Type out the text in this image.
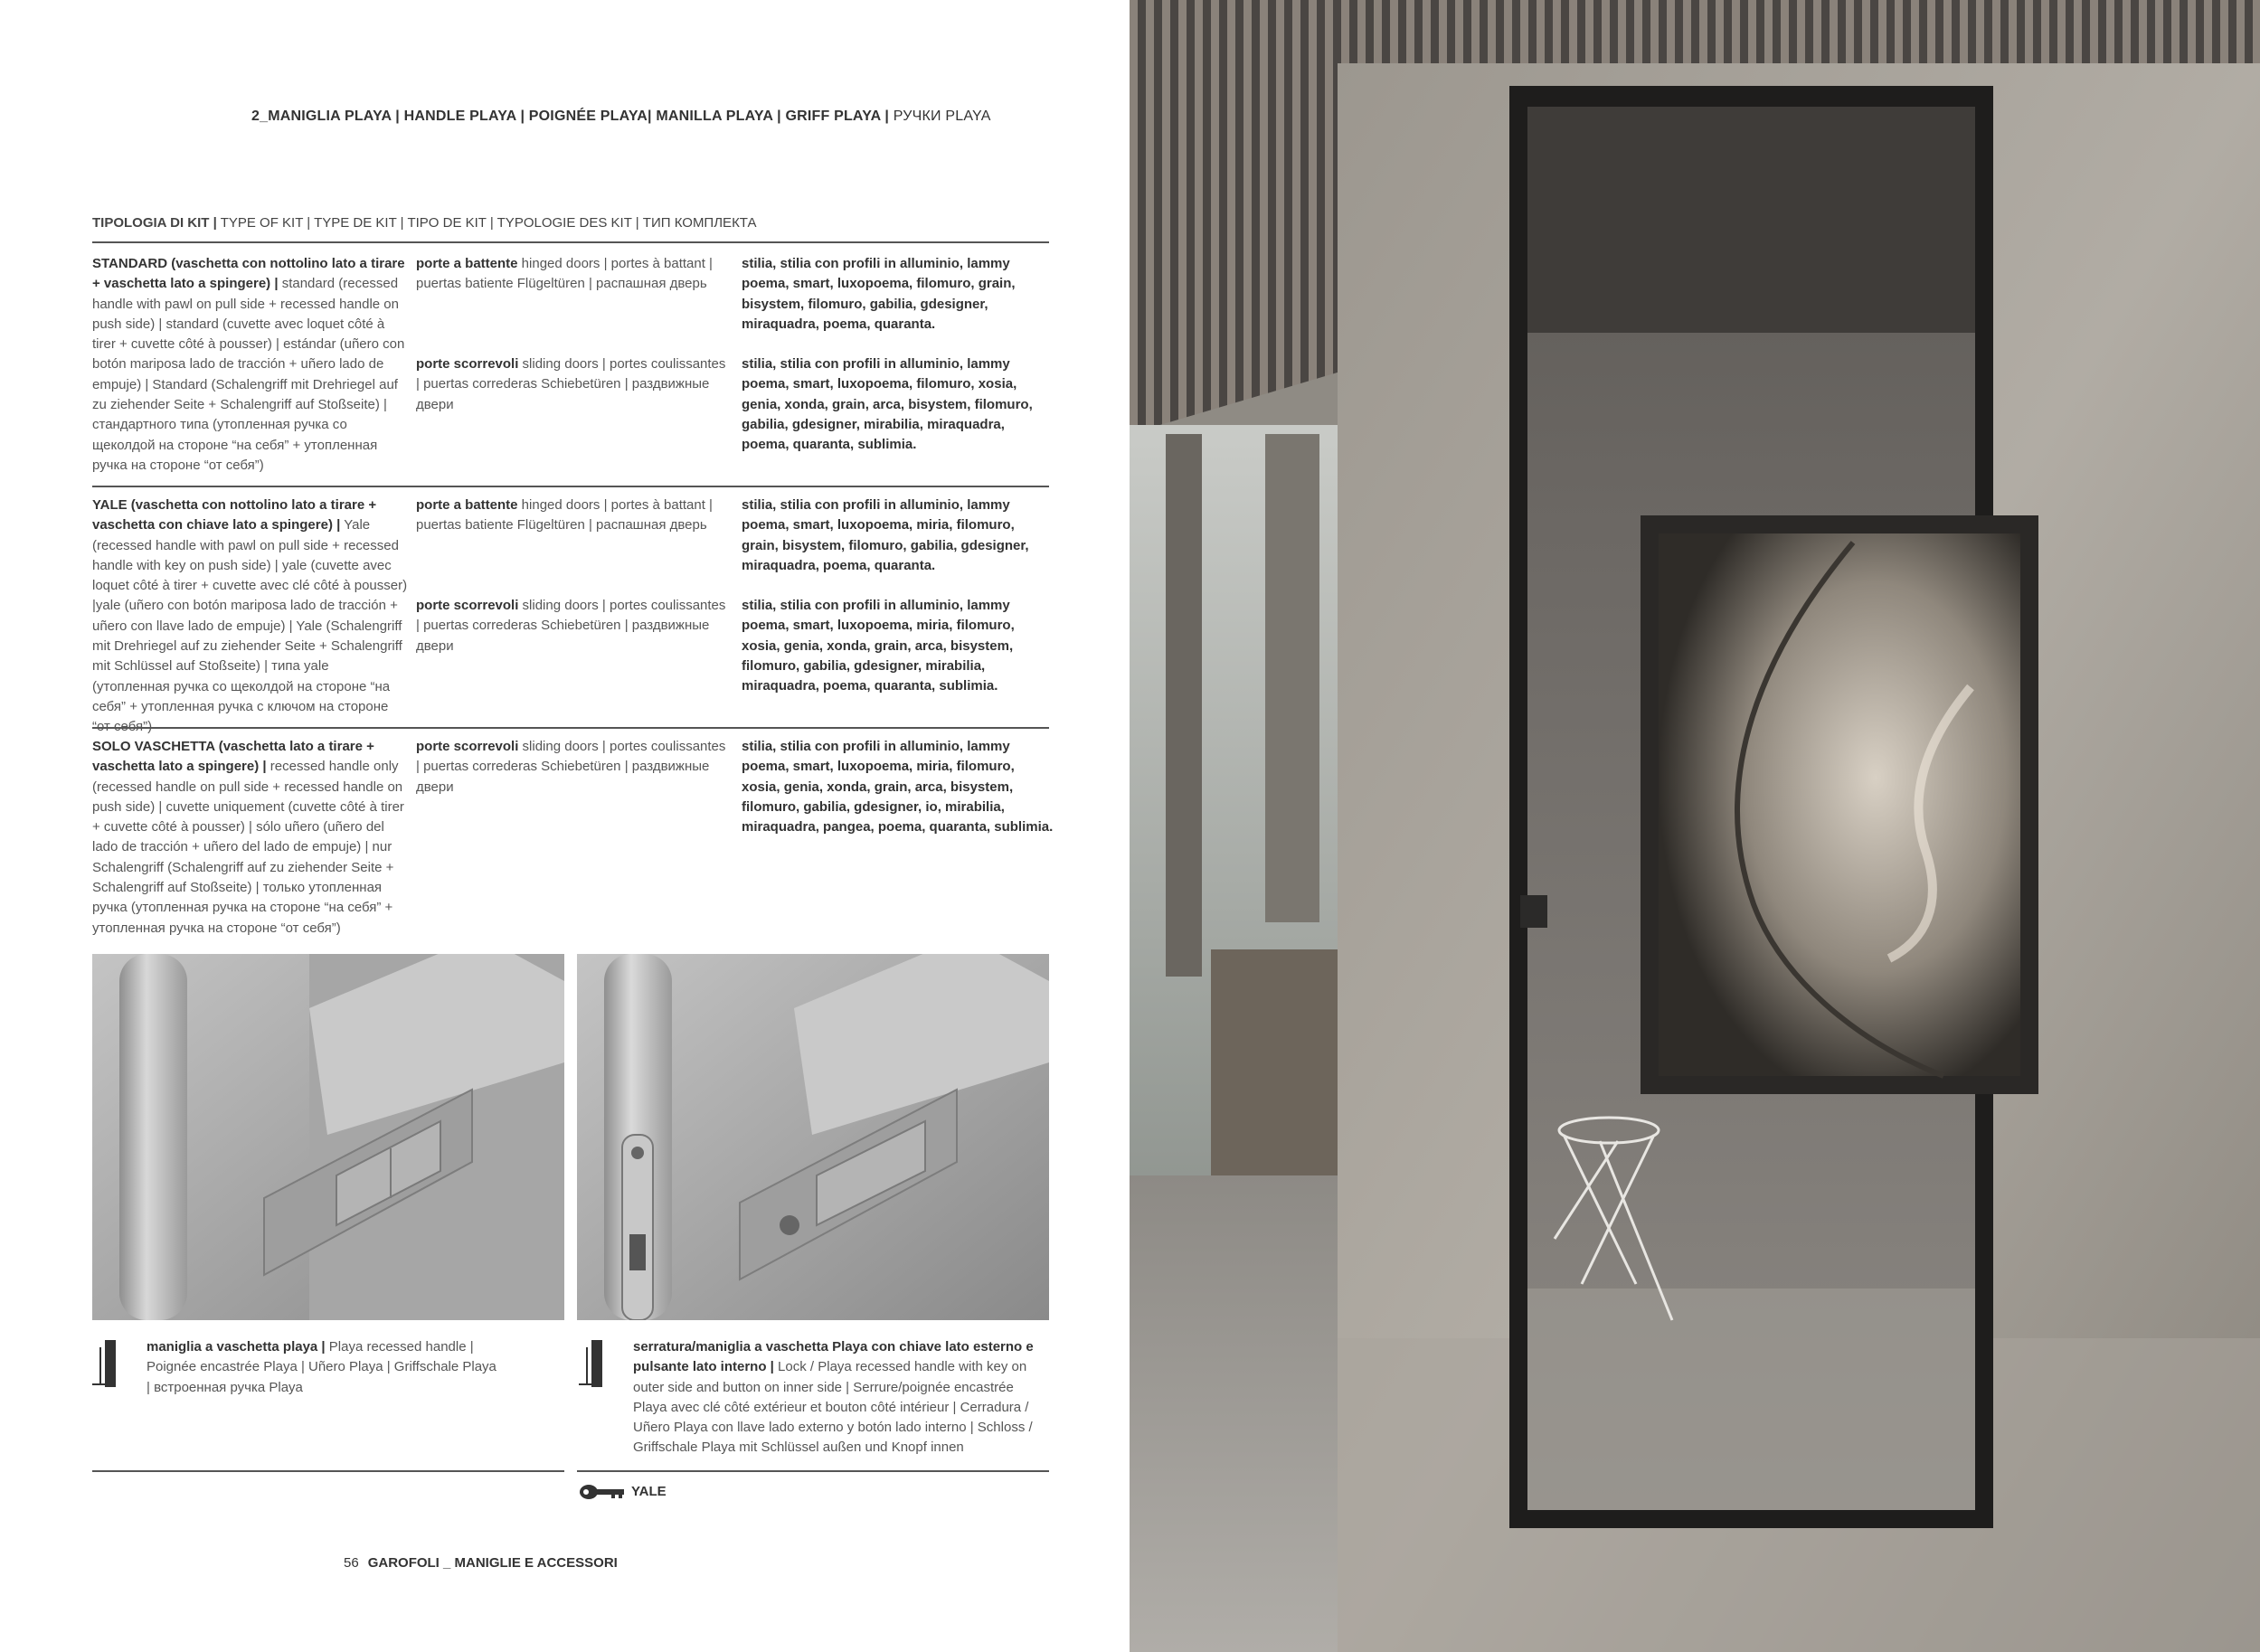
2_MANIGLIA PLAYA | HANDLE PLAYA | POIGNÉE PLAYA| MANILLA PLAYA | GRIFF PLAYA | РУЧКИ PLAYA
TIPOLOGIA DI KIT | TYPE OF KIT | TYPE DE KIT | TIPO DE KIT | TYPOLOGIE DES KIT | ТИП КОМПЛЕКТА
STANDARD (vaschetta con nottolino lato a tirare + vaschetta lato a spingere) | standard (recessed handle with pawl on pull side + recessed handle on push side) | standard (cuvette avec loquet côté à tirer + cuvette côté à pousser) | estándar (uñero con botón mariposa lado de tracción + uñero lado de empuje) | Standard (Schalengriff mit Drehriegel auf zu ziehender Seite + Schalengriff auf Stoßseite) | стандартного типа (утопленная ручка со щеколдой на стороне “на себя” + утопленная ручка на стороне “от себя”)
porte a battente hinged doors | portes à battant | puertas batiente Flügeltüren | распашная дверь
stilia, stilia con profili in alluminio, lammy poema, smart, luxopoema, filomuro, grain, bisystem, filomuro, gabilia, gdesigner, miraquadra, poema, quaranta.
porte scorrevoli sliding doors | portes coulissantes | puertas correderas Schiebetüren | раздвижные двери
stilia, stilia con profili in alluminio, lammy poema, smart, luxopoema, filomuro, xosia, genia, xonda, grain, arca, bisystem, filomuro, gabilia, gdesigner, mirabilia, miraquadra, poema, quaranta, sublimia.
YALE (vaschetta con nottolino lato a tirare + vaschetta con chiave lato a spingere) | Yale (recessed handle with pawl on pull side + recessed handle with key on push side) | yale (cuvette avec loquet côté à tirer + cuvette avec clé côté à pousser) |yale (uñero con botón mariposa lado de tracción + uñero con llave lado de empuje) | Yale (Schalengriff mit Drehriegel auf zu ziehender Seite + Schalengriff mit Schlüssel auf Stoßseite) | типа yale (утопленная ручка со щеколдой на стороне “на себя” + утопленная ручка с ключом на стороне
porte a battente hinged doors | portes à battant | puertas batiente Flügeltüren | распашная дверь
stilia, stilia con profili in alluminio, lammy poema, smart, luxopoema, miria, filomuro, grain, bisystem, filomuro, gabilia, gdesigner, miraquadra, poema, quaranta.
porte scorrevoli sliding doors | portes coulissantes | puertas correderas Schiebetüren | раздвижные двери
stilia, stilia con profili in alluminio, lammy poema, smart, luxopoema, miria, filomuro, xosia, genia, xonda, grain, arca, bisystem, filomuro, gabilia, gdesigner, mirabilia, miraquadra, poema, quaranta, sublimia.
SOLO VASCHETTA (vaschetta lato a tirare + vaschetta lato a spingere) | recessed handle only (recessed handle on pull side + recessed handle on push side) | cuvette uniquement (cuvette côté à tirer + cuvette côté à pousser) | sólo uñero (uñero del lado de tracción + uñero del lado de empuje) | nur Schalengriff (Schalengriff auf zu ziehender Seite + Schalengriff auf Stoßseite) | только утопленная ручка (утопленная ручка на стороне “на себя” + утопленная ручка на стороне “от себя”)
porte scorrevoli sliding doors | portes coulissantes | puertas correderas Schiebetüren | раздвижные двери
stilia, stilia con profili in alluminio, lammy poema, smart, luxopoema, miria, filomuro, xosia, genia, xonda, grain, arca, bisystem, filomuro, gabilia, gdesigner, io, mirabilia, miraquadra, pangea, poema, quaranta, sublimia.
maniglia a vaschetta playa | Playa recessed handle | Poignée encastrée Playa | Uñero Playa | Griffschale Playa | встроенная ручка Playa
serratura/maniglia a vaschetta Playa con chiave lato esterno e pulsante lato interno | Lock / Playa recessed handle with key on outer side and button on inner side | Serrure/poignée encastrée Playa avec clé côté extérieur et bouton côté intérieur | Cerradura / Uñero Playa con llave lado externo y botón lado interno | Schloss / Griffschale Playa mit Schlüssel außen und Knopf innen
YALE
56 GAROFOLI _ MANIGLIE E ACCESSORI
